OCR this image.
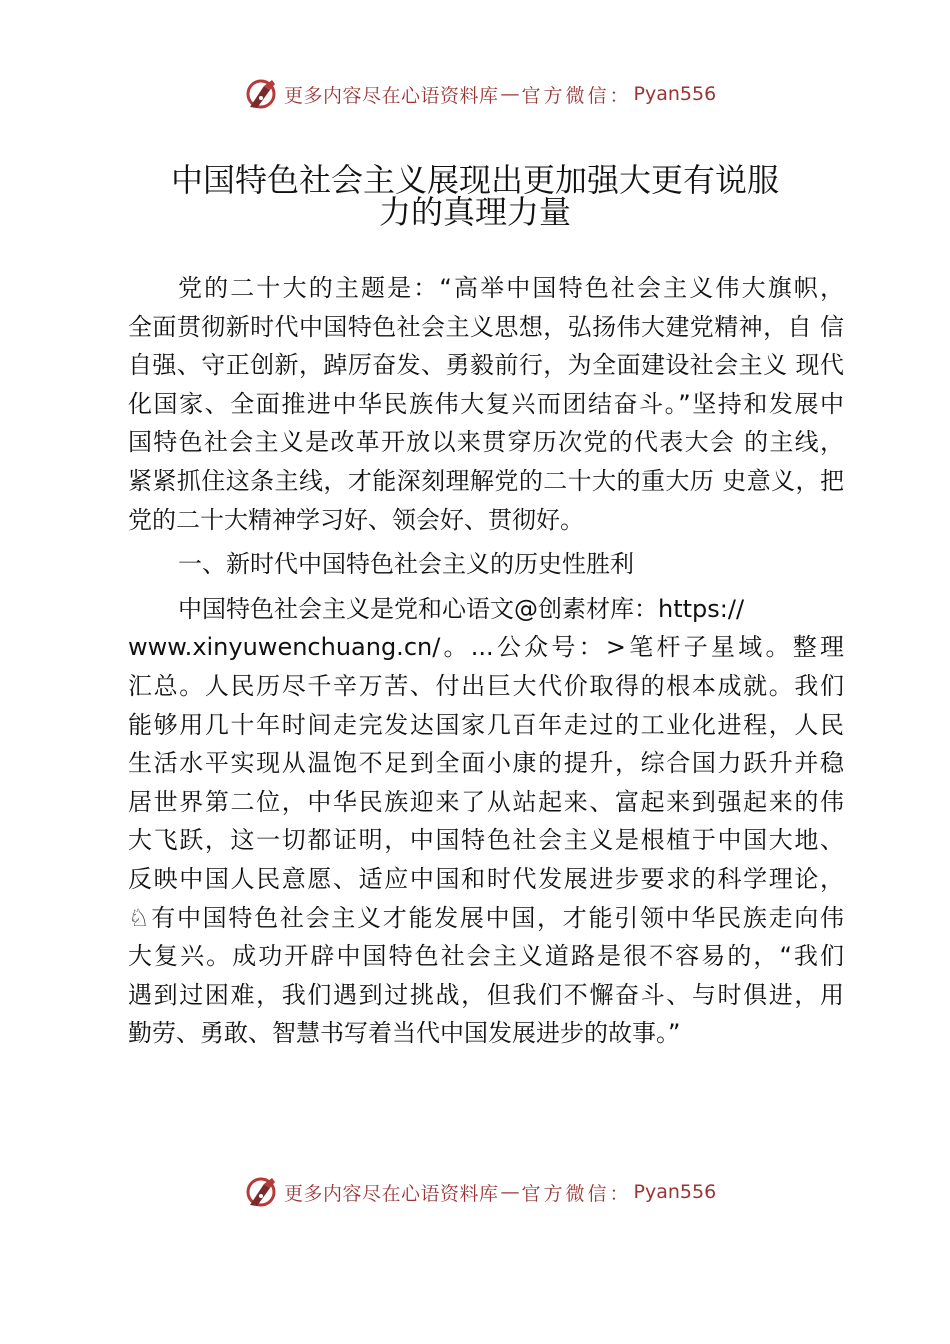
更多内容尽在心语资料库 — 官方微信： Pyan556
中国特色社会主义展现出更加强大更有说服
力的真理力量

党的二十大的主题是：“高举中国特色社会主义伟大旗帜，
全面贯彻新时代中国特色社会主义思想，弘扬伟大建党精神，自 信
自强、守正创新，踔厉奋发、勇毅前行，为全面建设社会主义 现代
化国家、全面推进中华民族伟大复兴而团结奋斗。”坚持和发展中
国特色社会主义是改革开放以来贯穿历次党的代表大会 的主线，
紧紧抓住这条主线，才能深刻理解党的二十大的重大历 史意义，把
党的二十大精神学习好、领会好、贯彻好。

一、新时代中国特色社会主义的历史性胜利

中国特色社会主义是党和心语文@创素材库：https://
www.xinyuwenchuang.cn/。...公众号：>笔杆子星域。整理
汇总。人民历尽千辛万苦、付出巨大代价取得的根本成就。我们
能够用几十年时间走完发达国家几百年走过的工业化进程，人民
生活水平实现从温饱不足到全面小康的提升，综合国力跃升并稳
居世界第二位，中华民族迎来了从站起来、富起来到强起来的伟
大飞跃，这一切都证明，中国特色社会主义是根植于中国大地、
反映中国人民意愿、适应中国和时代发展进步要求的科学理论，
♘有中国特色社会主义才能发展中国，才能引领中华民族走向伟
大复兴。成功开辟中国特色社会主义道路是很不容易的，“我们
遇到过困难，我们遇到过挑战，但我们不懈奋斗、与时俱进，用
勤劳、勇敢、智慧书写着当代中国发展进步的故事。”

更多内容尽在心语资料库 — 官方微信： Pyan556
